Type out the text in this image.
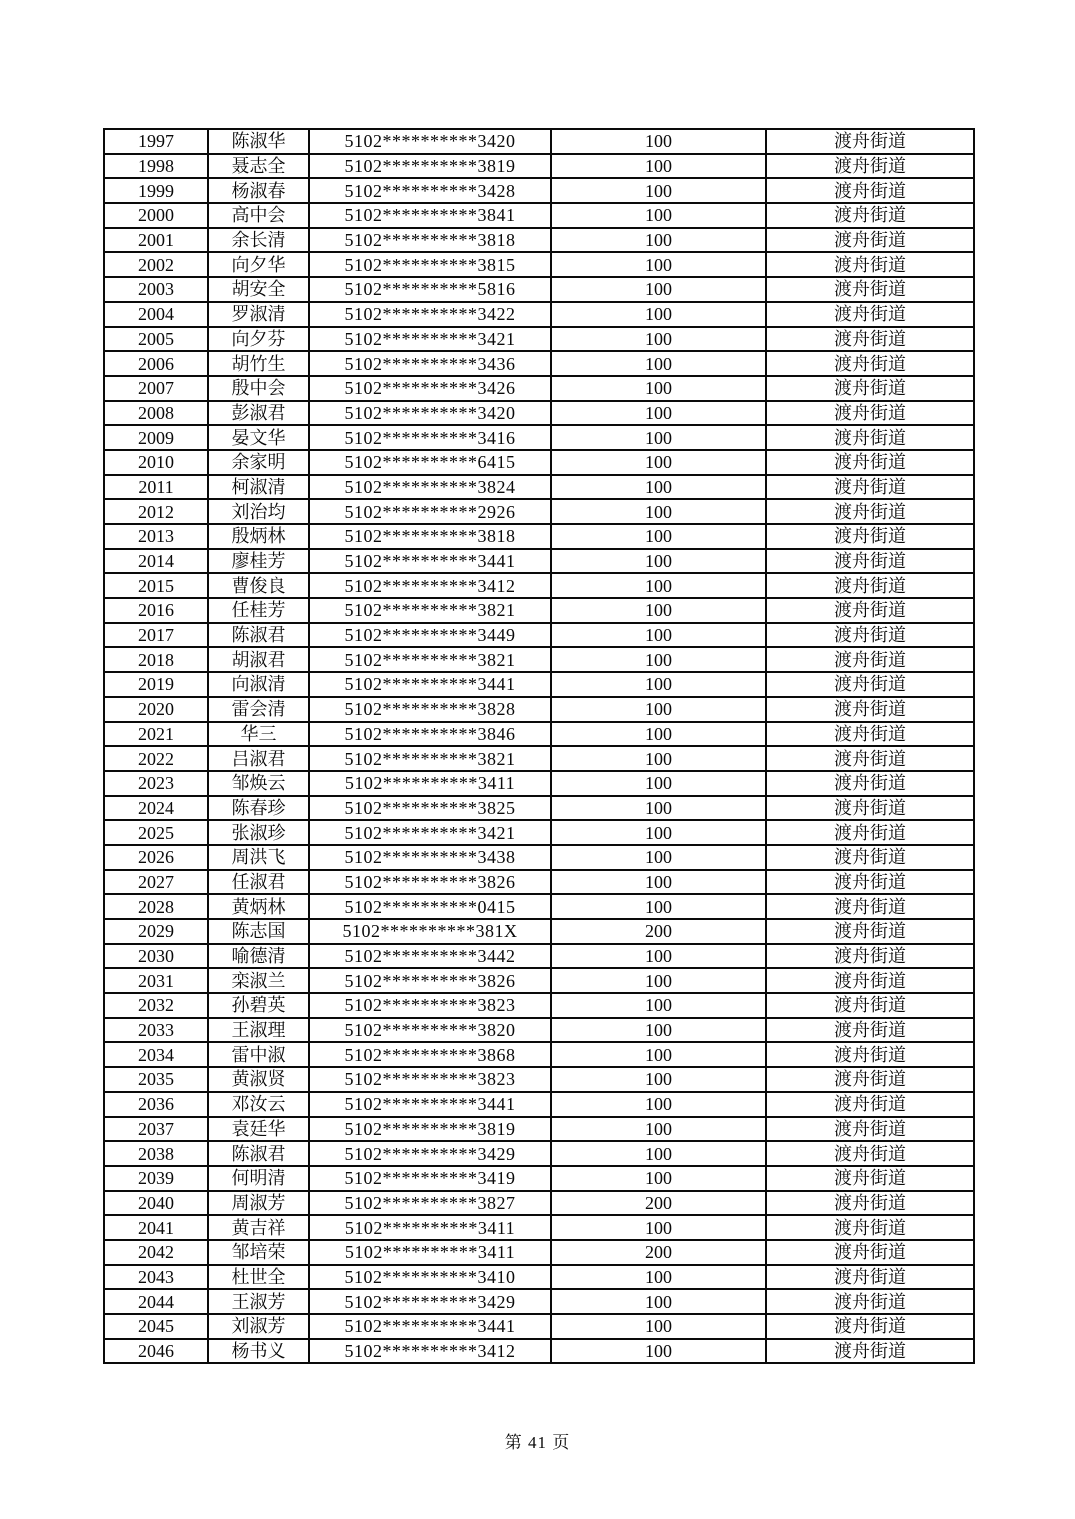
1997	陈淑华	5102**********3420	100	渡舟街道
1998	聂志全	5102**********3819	100	渡舟街道
1999	杨淑春	5102**********3428	100	渡舟街道
2000	高中会	5102**********3841	100	渡舟街道
2001	余长清	5102**********3818	100	渡舟街道
2002	向夕华	5102**********3815	100	渡舟街道
2003	胡安全	5102**********5816	100	渡舟街道
2004	罗淑清	5102**********3422	100	渡舟街道
2005	向夕芬	5102**********3421	100	渡舟街道
2006	胡竹生	5102**********3436	100	渡舟街道
2007	殷中会	5102**********3426	100	渡舟街道
2008	彭淑君	5102**********3420	100	渡舟街道
2009	晏文华	5102**********3416	100	渡舟街道
2010	余家明	5102**********6415	100	渡舟街道
2011	柯淑清	5102**********3824	100	渡舟街道
2012	刘治均	5102**********2926	100	渡舟街道
2013	殷炳林	5102**********3818	100	渡舟街道
2014	廖桂芳	5102**********3441	100	渡舟街道
2015	曹俊良	5102**********3412	100	渡舟街道
2016	任桂芳	5102**********3821	100	渡舟街道
2017	陈淑君	5102**********3449	100	渡舟街道
2018	胡淑君	5102**********3821	100	渡舟街道
2019	向淑清	5102**********3441	100	渡舟街道
2020	雷会清	5102**********3828	100	渡舟街道
2021	华三	5102**********3846	100	渡舟街道
2022	吕淑君	5102**********3821	100	渡舟街道
2023	邹焕云	5102**********3411	100	渡舟街道
2024	陈春珍	5102**********3825	100	渡舟街道
2025	张淑珍	5102**********3421	100	渡舟街道
2026	周洪飞	5102**********3438	100	渡舟街道
2027	任淑君	5102**********3826	100	渡舟街道
2028	黄炳林	5102**********0415	100	渡舟街道
2029	陈志国	5102**********381X	200	渡舟街道
2030	喻德清	5102**********3442	100	渡舟街道
2031	栾淑兰	5102**********3826	100	渡舟街道
2032	孙碧英	5102**********3823	100	渡舟街道
2033	王淑理	5102**********3820	100	渡舟街道
2034	雷中淑	5102**********3868	100	渡舟街道
2035	黄淑贤	5102**********3823	100	渡舟街道
2036	邓汝云	5102**********3441	100	渡舟街道
2037	袁廷华	5102**********3819	100	渡舟街道
2038	陈淑君	5102**********3429	100	渡舟街道
2039	何明清	5102**********3419	100	渡舟街道
2040	周淑芳	5102**********3827	200	渡舟街道
2041	黄吉祥	5102**********3411	100	渡舟街道
2042	邹培荣	5102**********3411	200	渡舟街道
2043	杜世全	5102**********3410	100	渡舟街道
2044	王淑芳	5102**********3429	100	渡舟街道
2045	刘淑芳	5102**********3441	100	渡舟街道
2046	杨书义	5102**********3412	100	渡舟街道
第 41 页
